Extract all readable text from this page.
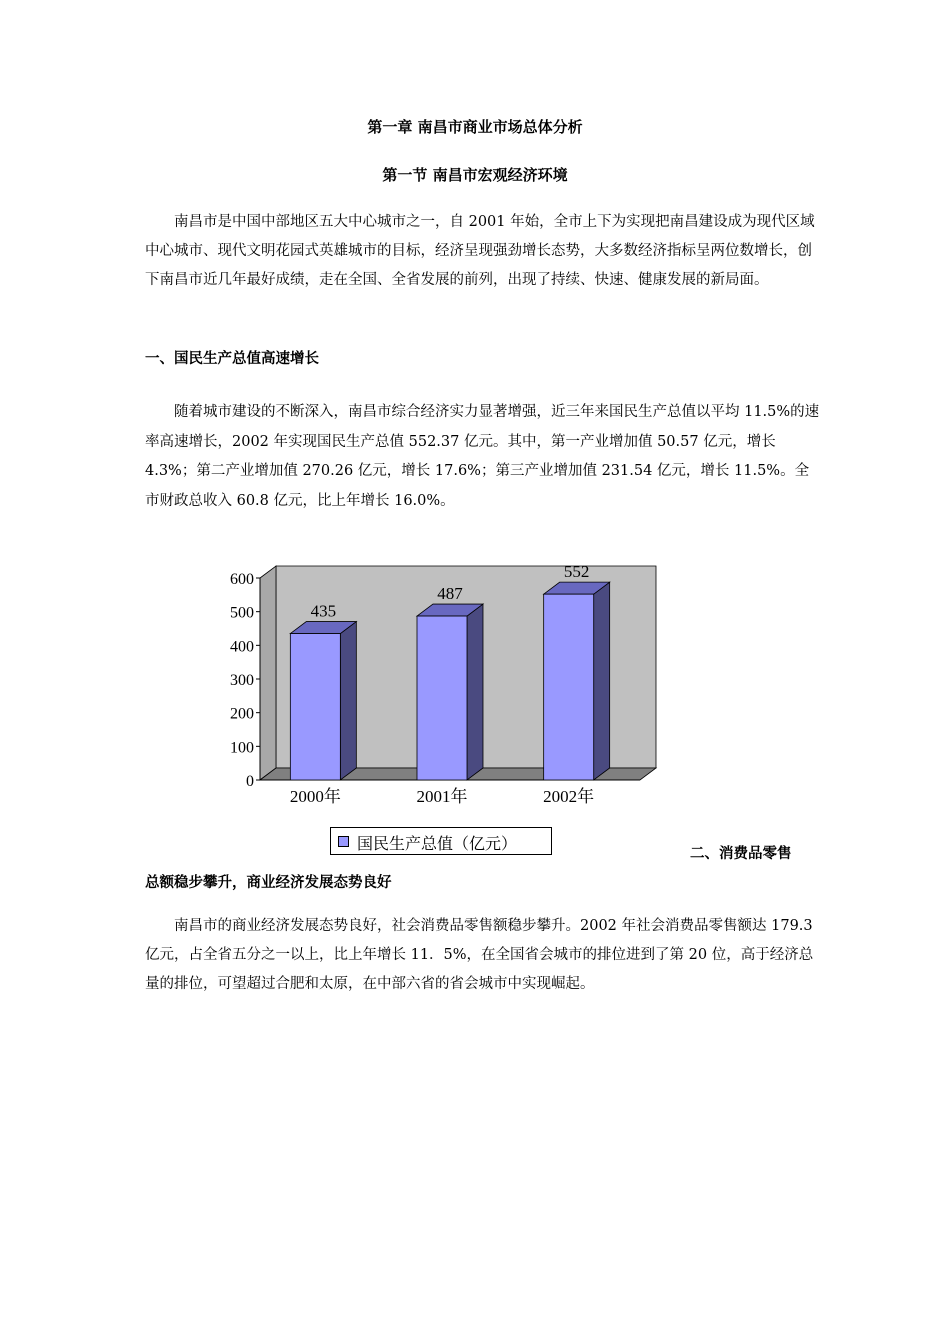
第一章 南昌市商业市场总体分析
第一节 南昌市宏观经济环境

南昌市是中国中部地区五大中心城市之一，自 2001 年始，全市上下为实现把南昌建设成为现代区域中心城市、现代文明花园式英雄城市的目标，经济呈现强劲增长态势，大多数经济指标呈两位数增长，创下南昌市近几年最好成绩，走在全国、全省发展的前列，出现了持续、快速、健康发展的新局面。

一、国民生产总值高速增长

随着城市建设的不断深入，南昌市综合经济实力显著增强，近三年来国民生产总值以平均 11.5%的速率高速增长，2002 年实现国民生产总值 552.37 亿元。其中，第一产业增加值 50.57 亿元，增长 4.3%；第二产业增加值 270.26 亿元，增长 17.6%；第三产业增加值 231.54 亿元，增长 11.5%。全市财政总收入 60.8 亿元，比上年增长 16.0%。

0
100
200
300
400
500
600
435
2000年
487
2001年
552
2002年
国民生产总值（亿元）
二、消费品零售
总额稳步攀升，商业经济发展态势良好

南昌市的商业经济发展态势良好，社会消费品零售额稳步攀升。2002 年社会消费品零售额达 179.3 亿元，占全省五分之一以上，比上年增长 11．5%，在全国省会城市的排位进到了第 20 位，高于经济总量的排位，可望超过合肥和太原，在中部六省的省会城市中实现崛起。
